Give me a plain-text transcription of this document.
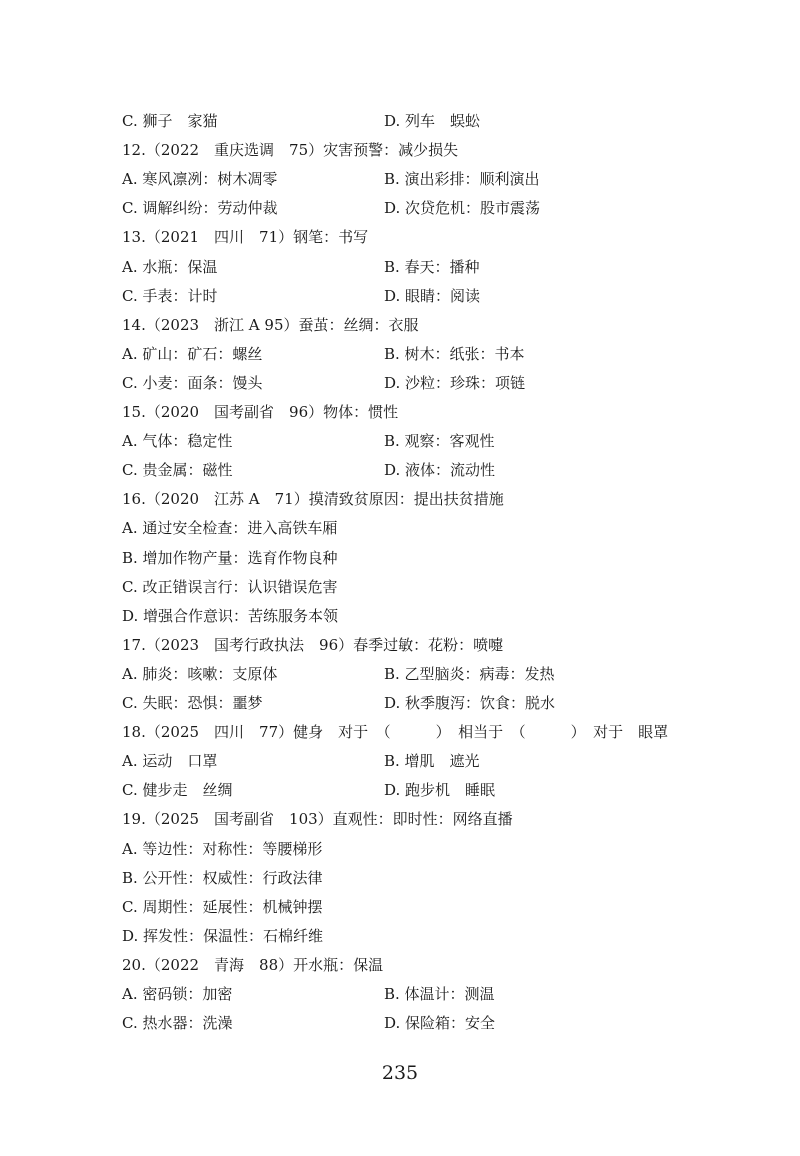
C. 狮子　家猫	D. 列车　蜈蚣
12.（2022　重庆选调　75）灾害预警：减少损失
A. 寒风凛冽：树木凋零	B. 演出彩排：顺利演出
C. 调解纠纷：劳动仲裁	D. 次贷危机：股市震荡
13.（2021　四川　71）钢笔：书写
A. 水瓶：保温	B. 春天：播种
C. 手表：计时	D. 眼睛：阅读
14.（2023　浙江 A 95）蚕茧：丝绸：衣服
A. 矿山：矿石：螺丝	B. 树木：纸张：书本
C. 小麦：面条：馒头	D. 沙粒：珍珠：项链
15.（2020　国考副省　96）物体：惯性
A. 气体：稳定性	B. 观察：客观性
C. 贵金属：磁性	D. 液体：流动性
16.（2020　江苏 A　71）摸清致贫原因：提出扶贫措施
A. 通过安全检查：进入高铁车厢
B. 增加作物产量：选育作物良种
C. 改正错误言行：认识错误危害
D. 增强合作意识：苦练服务本领
17.（2023　国考行政执法　96）春季过敏：花粉：喷嚏
A. 肺炎：咳嗽：支原体	B. 乙型脑炎：病毒：发热
C. 失眠：恐惧：噩梦	D. 秋季腹泻：饮食：脱水
18.（2025　四川　77）健身　对于　（　　　）　相当于　（　　　）　对于　眼罩
A. 运动　口罩	B. 增肌　遮光
C. 健步走　丝绸	D. 跑步机　睡眠
19.（2025　国考副省　103）直观性：即时性：网络直播
A. 等边性：对称性：等腰梯形
B. 公开性：权威性：行政法律
C. 周期性：延展性：机械钟摆
D. 挥发性：保温性：石棉纤维
20.（2022　青海　88）开水瓶：保温
A. 密码锁：加密	B. 体温计：测温
C. 热水器：洗澡	D. 保险箱：安全
235
